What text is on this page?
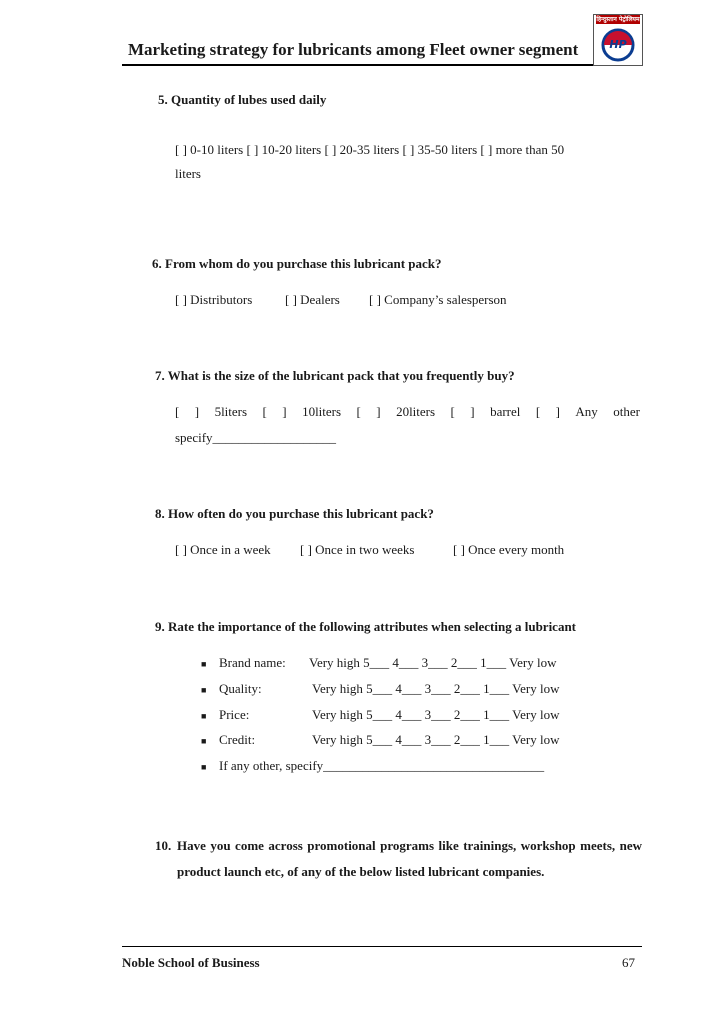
Marketing strategy for lubricants among Fleet owner segment	HP
हिन्दुस्तान पेट्रोलियम
5. Quantity of lubes used daily
[ ] 0-10 liters [ ] 10-20 liters [ ] 20-35 liters [ ] 35-50 liters [ ] more than 50
liters
6. From whom do you purchase this lubricant pack?
[ ] Distributors	[ ] Dealers [ ] Company’s salesperson
7. What is the size of the lubricant pack that you frequently buy?
[ ] 5liters [ ] 10liters [ ] 20liters [ ] barrel [ ] Any other
specify___________________
8. How often do you purchase this lubricant pack?
[ ] Once in a week [ ] Once in two weeks	[ ] Once every month
9. Rate the importance of the following attributes when selecting a lubricant
■ Brand name: Very high 5___ 4___ 3___ 2___ 1___ Very low
■ Quality:	Very high 5___ 4___ 3___ 2___ 1___ Very low
■ Price:	Very high 5___ 4___ 3___ 2___ 1___ Very low
■ Credit:	Very high 5___ 4___ 3___ 2___ 1___ Very low
■ If any other, specify__________________________________
10. Have you come across promotional programs like trainings, workshop meets, new product launch etc, of any of the below listed lubricant companies.
Noble School of Business	67
